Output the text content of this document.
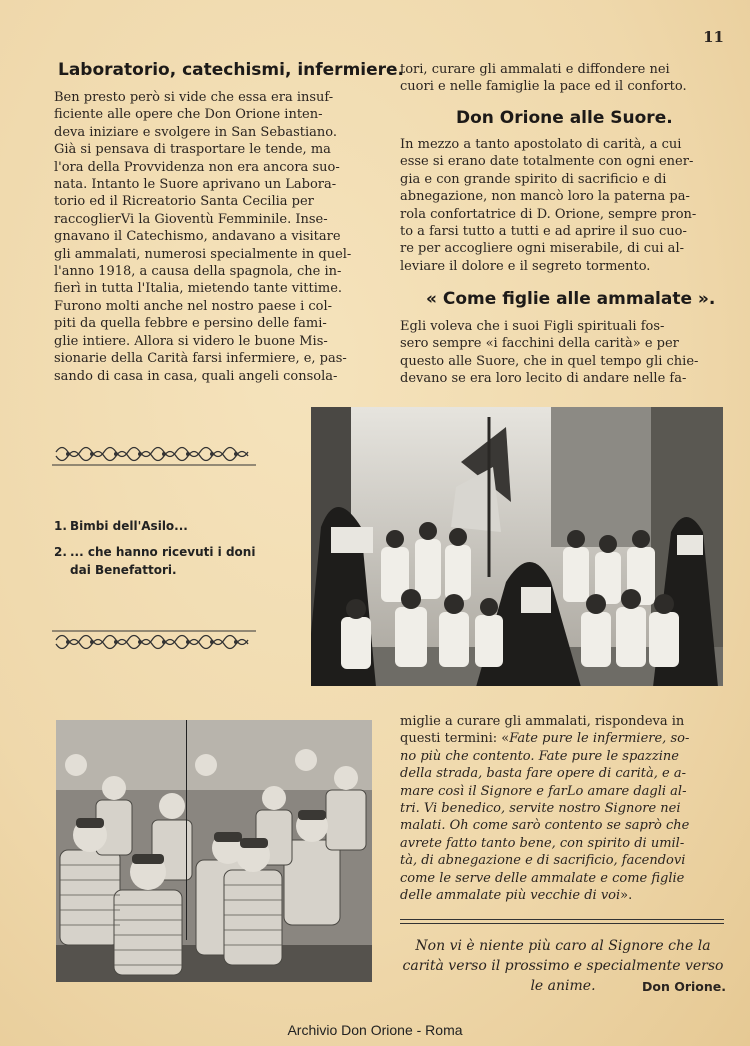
11
Laboratorio, catechismi, infermiere.

Ben presto però si vide che essa era insuf-
ficiente alle opere che Don Orione inten-
deva iniziare e svolgere in San Sebastiano.
Già si pensava di trasportare le tende, ma
l'ora della Provvidenza non era ancora suo-
nata. Intanto le Suore aprivano un Labora-
torio ed il Ricreatorio Santa Cecilia per
raccoglierVi la Gioventù Femminile. Inse-
gnavano il Catechismo, andavano a visitare
gli ammalati, numerosi specialmente in quel-
l'anno 1918, a causa della spagnola, che in-
fierì in tutta l'Italia, mietendo tante vittime.
Furono molti anche nel nostro paese i col-
piti da quella febbre e persino delle fami-
glie intiere. Allora si videro le buone Mis-
sionarie della Carità farsi infermiere, e, pas-
sando di casa in casa, quali angeli consola-

tori, curare gli ammalati e diffondere nei
cuori e nelle famiglie la pace ed il conforto.

Don Orione alle Suore.

In mezzo a tanto apostolato di carità, a cui
esse si erano date totalmente con ogni ener-
gia e con grande spirito di sacrificio e di
abnegazione, non mancò loro la paterna pa-
rola confortatrice di D. Orione, sempre pron-
to a farsi tutto a tutti e ad aprire il suo cuo-
re per accogliere ogni miserabile, di cui al-
leviare il dolore e il segreto tormento.

« Come figlie alle ammalate ».

Egli voleva che i suoi Figli spirituali fos-
sero sempre «i facchini della carità» e per
questo alle Suore, che in quel tempo gli chie-
devano se era loro lecito di andare nelle fa-

1. Bimbi dell'Asilo...
2. ... che hanno ricevuti i doni
dai Benefattori.

miglie a curare gli ammalati, rispondeva in
questi termini: «Fate pure le infermiere, so-
no più che contento. Fate pure le spazzine
della strada, basta fare opere di carità, e a-
mare così il Signore e farLo amare dagli al-
tri. Vi benedico, servite nostro Signore nei
malati. Oh come sarò contento se saprò che
avrete fatto tanto bene, con spirito di umil-
tà, di abnegazione e di sacrificio, facendovi
come le serve delle ammalate e come figlie
delle ammalate più vecchie di voi».

Non vi è niente più caro al Signore che la carità verso il prossimo e specialmente verso le anime.	Don Orione.

Archivio Don Orione - Roma
